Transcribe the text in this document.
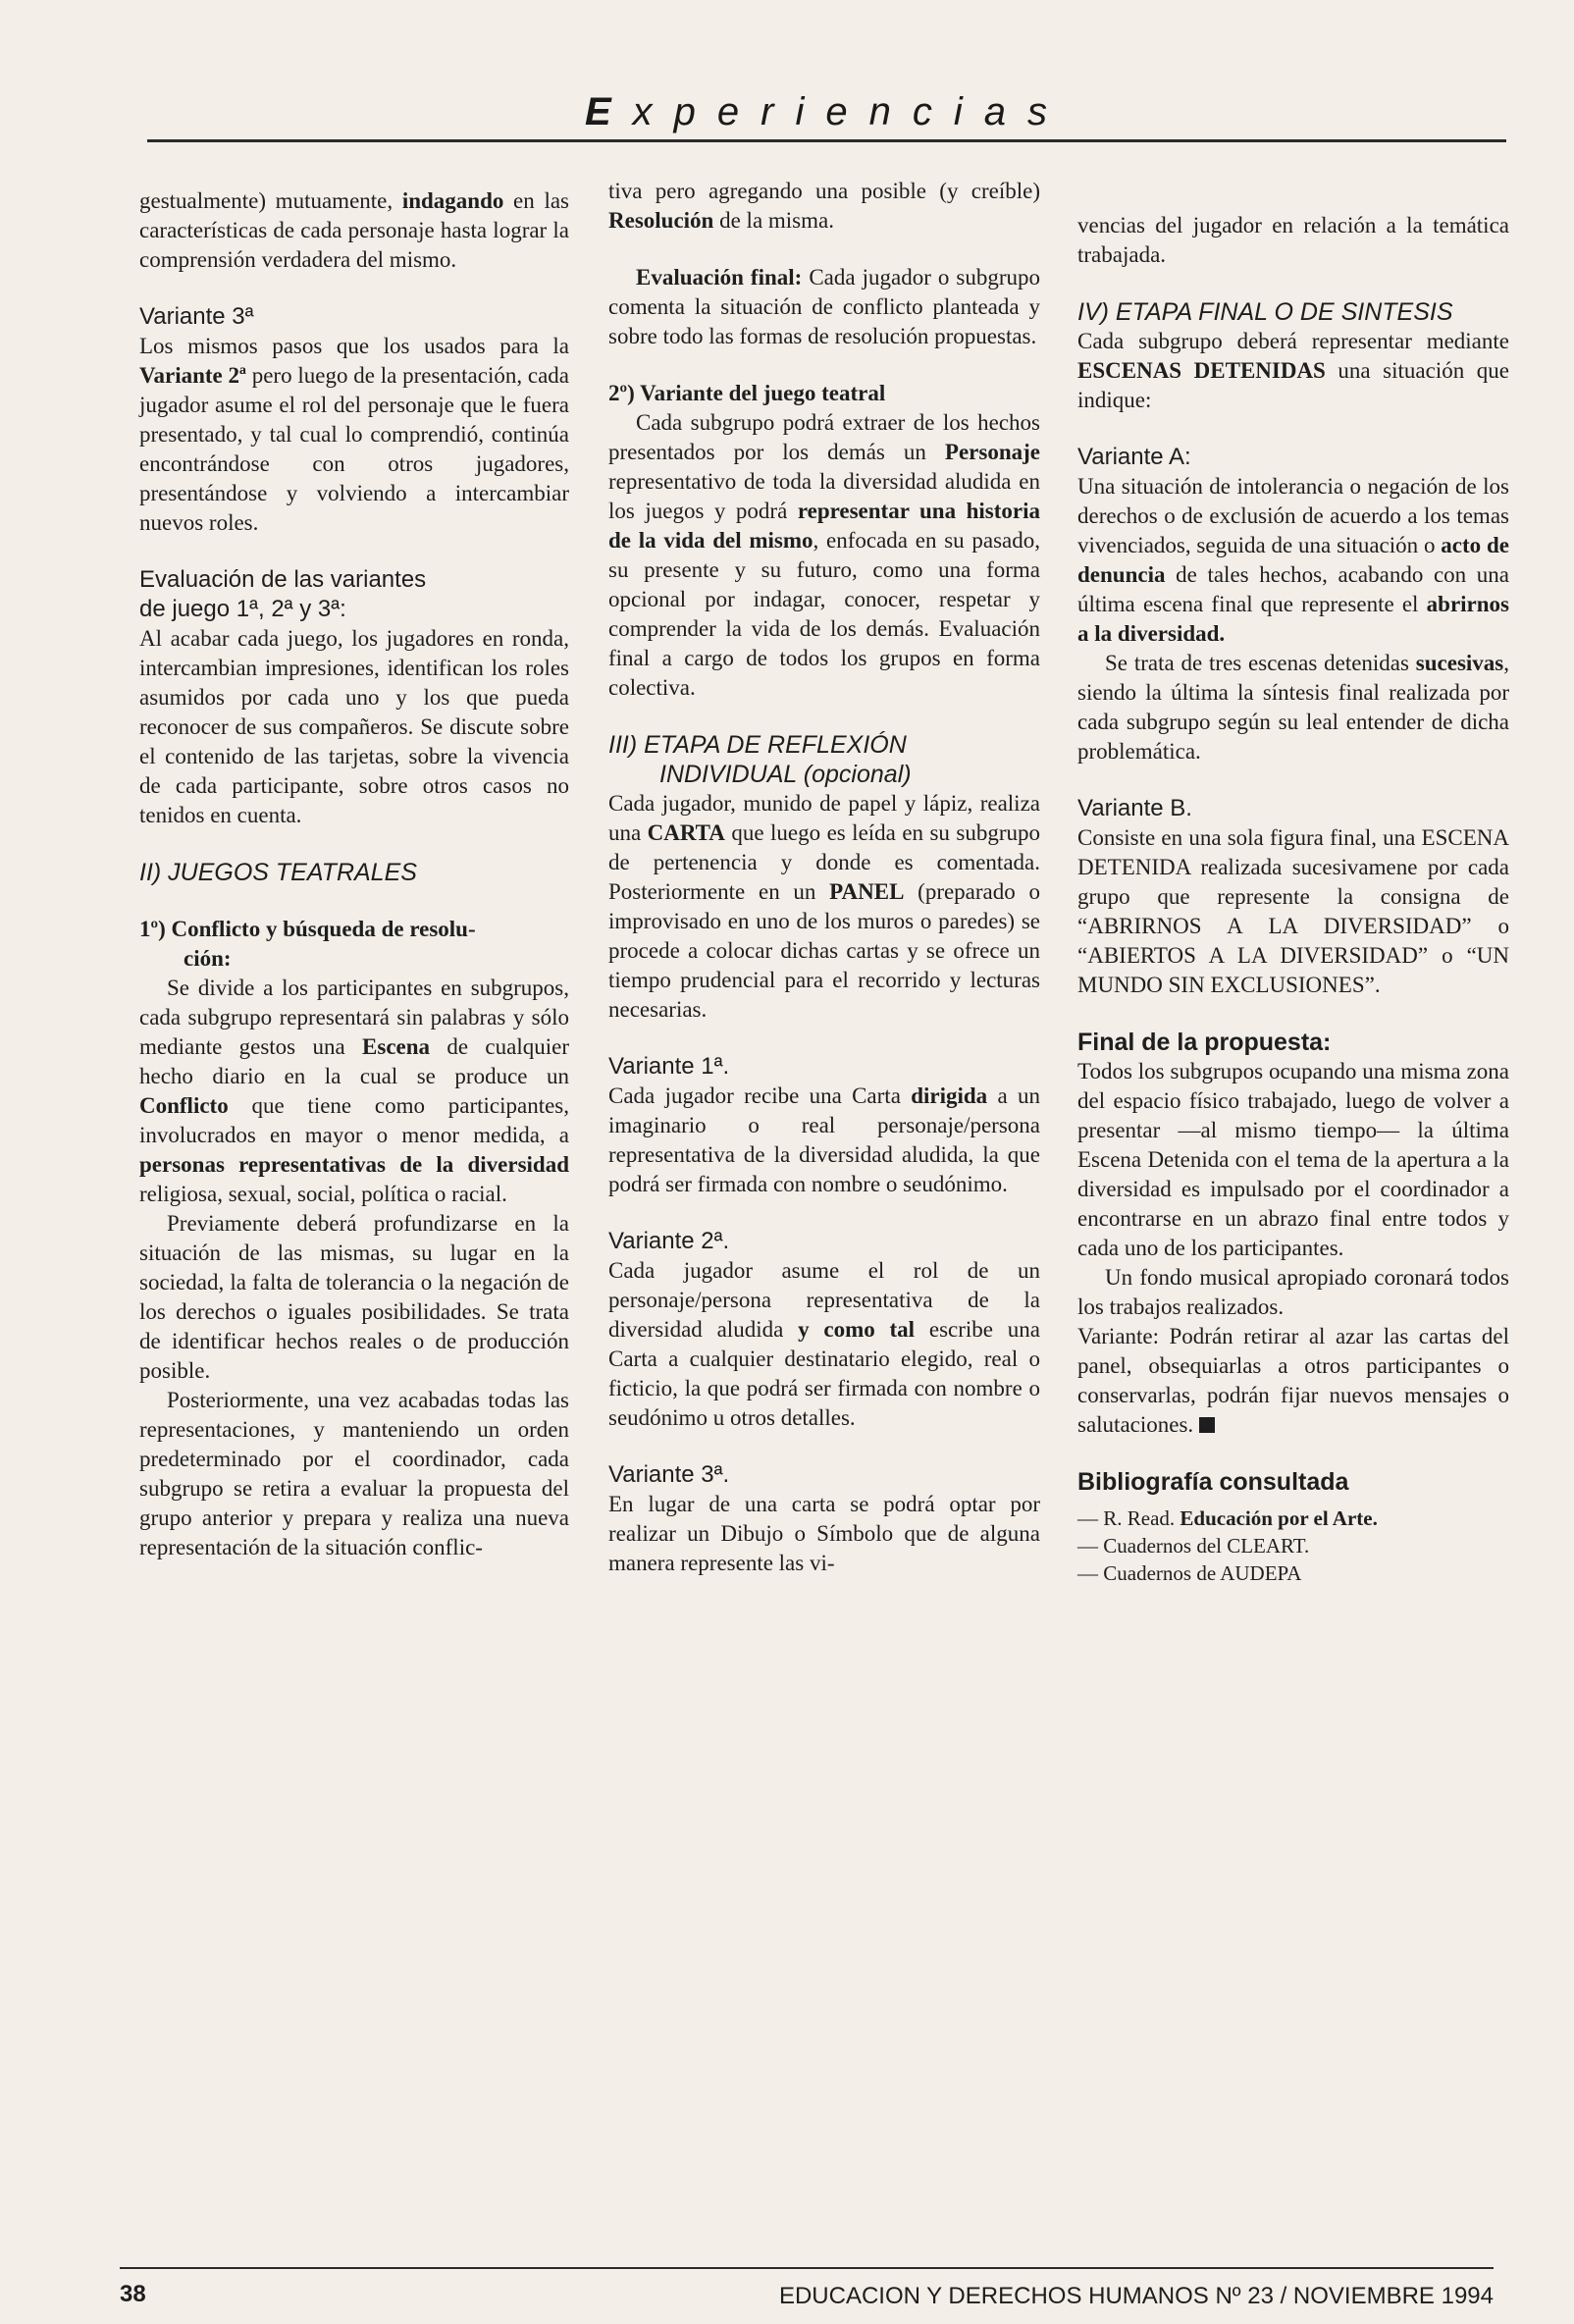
Experiencias

gestualmente) mutuamente, indagando en las características de cada personaje hasta lograr la comprensión verdadera del mismo.

Variante 3ª

Los mismos pasos que los usados para la Variante 2ª pero luego de la presentación, cada jugador asume el rol del personaje que le fuera presentado, y tal cual lo comprendió, continúa encontrándose con otros jugadores, presentándose y volviendo a intercambiar nuevos roles.

Evaluación de las variantes
de juego 1ª, 2ª y 3ª:

Al acabar cada juego, los jugadores en ronda, intercambian impresiones, identifican los roles asumidos por cada uno y los que pueda reconocer de sus compañeros. Se discute sobre el contenido de las tarjetas, sobre la vivencia de cada participante, sobre otros casos no tenidos en cuenta.

II) JUEGOS TEATRALES

1º) Conflicto y búsqueda de resolu-
ción:

Se divide a los participantes en subgrupos, cada subgrupo representará sin palabras y sólo mediante gestos una Escena de cualquier hecho diario en la cual se produce un Conflicto que tiene como participantes, involucrados en mayor o menor medida, a personas representativas de la diversidad religiosa, sexual, social, política o racial.

Previamente deberá profundizarse en la situación de las mismas, su lugar en la sociedad, la falta de tolerancia o la negación de los derechos o iguales posibilidades. Se trata de identificar hechos reales o de producción posible.

Posteriormente, una vez acabadas todas las representaciones, y manteniendo un orden predeterminado por el coordinador, cada subgrupo se retira a evaluar la propuesta del grupo anterior y prepara y realiza una nueva representación de la situación conflic-

tiva pero agregando una posible (y creíble) Resolución de la misma.

Evaluación final: Cada jugador o subgrupo comenta la situación de conflicto planteada y sobre todo las formas de resolución propuestas.

2º) Variante del juego teatral

Cada subgrupo podrá extraer de los hechos presentados por los demás un Personaje representativo de toda la diversidad aludida en los juegos y podrá representar una historia de la vida del mismo, enfocada en su pasado, su presente y su futuro, como una forma opcional por indagar, conocer, respetar y comprender la vida de los demás. Evaluación final a cargo de todos los grupos en forma colectiva.

III) ETAPA DE REFLEXIÓN
INDIVIDUAL (opcional)

Cada jugador, munido de papel y lápiz, realiza una CARTA que luego es leída en su subgrupo de pertenencia y donde es comentada. Posteriormente en un PANEL (preparado o improvisado en uno de los muros o paredes) se procede a colocar dichas cartas y se ofrece un tiempo prudencial para el recorrido y lecturas necesarias.

Variante 1ª.

Cada jugador recibe una Carta dirigida a un imaginario o real personaje/persona representativa de la diversidad aludida, la que podrá ser firmada con nombre o seudónimo.

Variante 2ª.

Cada jugador asume el rol de un personaje/persona representativa de la diversidad aludida y como tal escribe una Carta a cualquier destinatario elegido, real o ficticio, la que podrá ser firmada con nombre o seudónimo u otros detalles.

Variante 3ª.

En lugar de una carta se podrá optar por realizar un Dibujo o Símbolo que de alguna manera represente las vi-

vencias del jugador en relación a la temática trabajada.

IV) ETAPA FINAL O DE SINTESIS

Cada subgrupo deberá representar mediante ESCENAS DETENIDAS una situación que indique:

Variante A:

Una situación de intolerancia o negación de los derechos o de exclusión de acuerdo a los temas vivenciados, seguida de una situación o acto de denuncia de tales hechos, acabando con una última escena final que represente el abrirnos a la diversidad.

Se trata de tres escenas detenidas sucesivas, siendo la última la síntesis final realizada por cada subgrupo según su leal entender de dicha problemática.

Variante B.

Consiste en una sola figura final, una ESCENA DETENIDA realizada sucesivamene por cada grupo que represente la consigna de “ABRIRNOS A LA DIVERSIDAD” o “ABIERTOS A LA DIVERSIDAD” o “UN MUNDO SIN EXCLUSIONES”.

Final de la propuesta:

Todos los subgrupos ocupando una misma zona del espacio físico trabajado, luego de volver a presentar —al mismo tiempo— la última Escena Detenida con el tema de la apertura a la diversidad es impulsado por el coordinador a encontrarse en un abrazo final entre todos y cada uno de los participantes.

Un fondo musical apropiado coronará todos los trabajos realizados.

Variante: Podrán retirar al azar las cartas del panel, obsequiarlas a otros participantes o conservarlas, podrán fijar nuevos mensajes o salutaciones.

Bibliografía consultada

— R. Read. Educación por el Arte.
— Cuadernos del CLEART.
— Cuadernos de AUDEPA
38	EDUCACION Y DERECHOS HUMANOS Nº 23 / NOVIEMBRE 1994
